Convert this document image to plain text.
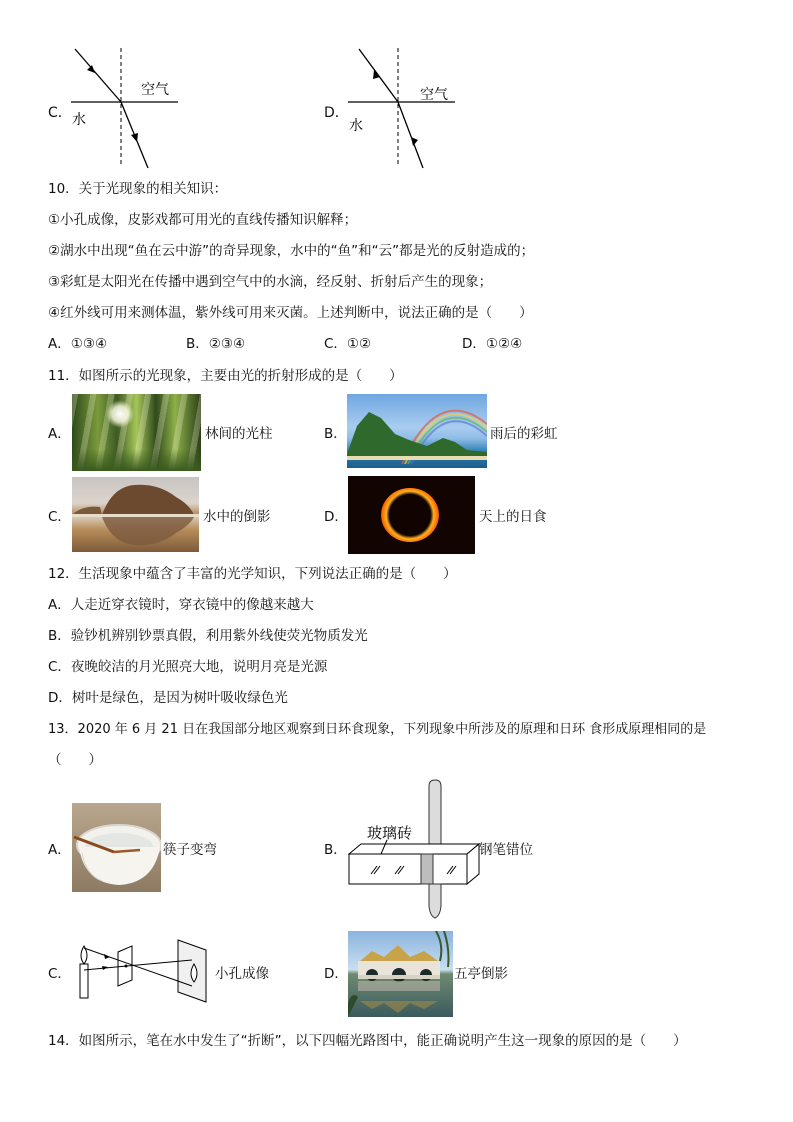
C．
空气
水	D．
空气
水
10．关于光现象的相关知识：
①小孔成像，皮影戏都可用光的直线传播知识解释；
②湖水中出现“鱼在云中游”的奇异现象，水中的“鱼”和“云”都是光的反射造成的；
③彩虹是太阳光在传播中遇到空气中的水滴，经反射、折射后产生的现象；
④红外线可用来测体温，紫外线可用来灭菌。上述判断中，说法正确的是（　　）
A．①③④	B．②③④	C．①②	D．①②④
11．如图所示的光现象，主要由光的折射形成的是（　　）
A．	林间的光柱	B．	雨后的彩虹
C．	水中的倒影	D．	天上的日食
12．生活现象中蕴含了丰富的光学知识，下列说法正确的是（　　）
A．人走近穿衣镜时，穿衣镜中的像越来越大
B．验钞机辨别钞票真假，利用紫外线使荧光物质发光
C．夜晚皎洁的月光照亮大地，说明月亮是光源
D．树叶是绿色，是因为树叶吸收绿色光
13．2020 年 6 月 21 日在我国部分地区观察到日环食现象，下列现象中所涉及的原理和日环 食形成原理相同的是
（　　）
A．	筷子变弯	B．
玻璃砖
钢笔错位
C．	小孔成像	D．	五亭倒影
14．如图所示，笔在水中发生了“折断”，以下四幅光路图中，能正确说明产生这一现象的原因的是（　　）
